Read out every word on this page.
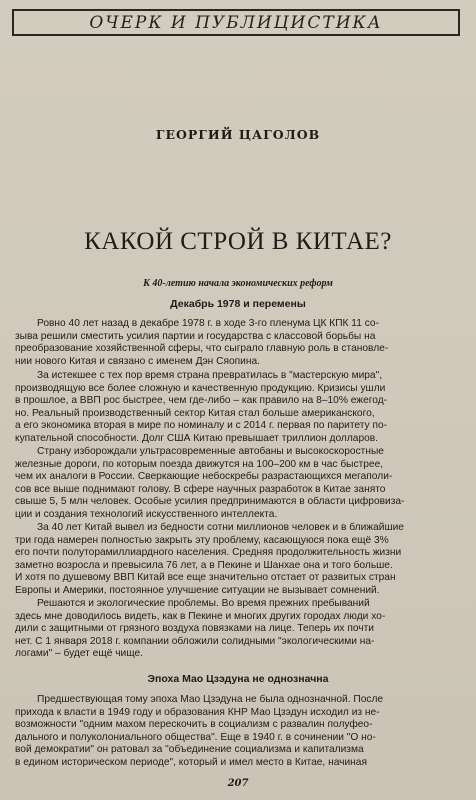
ОЧЕРК И ПУБЛИЦИСТИКА
ГЕОРГИЙ ЦАГОЛОВ
КАКОЙ СТРОЙ В КИТАЕ?
К 40-летию начала экономических реформ
Декабрь 1978 и перемены
Ровно 40 лет назад в декабре 1978 г. в ходе 3-го пленума ЦК КПК 11 со-
зыва решили сместить усилия партии и государства с классовой борьбы на
преобразование хозяйственной сферы, что сыграло главную роль в становле-
нии нового Китая и связано с именем Дэн Сяопина.
За истекшее с тех пор время страна превратилась в "мастерскую мира",
производящую все более сложную и качественную продукцию. Кризисы ушли
в прошлое, а ВВП рос быстрее, чем где-либо – как правило на 8–10% ежегод-
но. Реальный производственный сектор Китая стал больше американского,
а его экономика вторая в мире по номиналу и с 2014 г. первая по паритету по-
купательной способности. Долг США Китаю превышает триллион долларов.
Страну изборождали ультрасовременные автобаны и высокоскоростные
железные дороги, по которым поезда движутся на 100–200 км в час быстрее,
чем их аналоги в России. Сверкающие небоскребы разрастающихся мегаполи-
сов все выше поднимают голову. В сфере научных разработок в Китае занято
свыше 5, 5 млн человек. Особые усилия предпринимаются в области цифровиза-
ции и создания технологий искусственного интеллекта.
За 40 лет Китай вывел из бедности сотни миллионов человек и в ближайшие
три года намерен полностью закрыть эту проблему, касающуюся пока ещё 3%
его почти полуторамиллиардного населения. Средняя продолжительность жизни
заметно возросла и превысила 76 лет, а в Пекине и Шанхае она и того больше.
И хотя по душевому ВВП Китай все еще значительно отстает от развитых стран
Европы и Америки, постоянное улучшение ситуации не вызывает сомнений.
Решаются и экологические проблемы. Во время прежних пребываний
здесь мне доводилось видеть, как в Пекине и многих других городах люди хо-
дили с защитными от грязного воздуха повязками на лице. Теперь их почти
нет. С 1 января 2018 г. компании обложили солидными "экологическими на-
логами" – будет ещё чище.
Эпоха Мао Цзэдуна не однозначна
Предшествующая тому эпоха Мао Цзэдуна не была однозначной. После
прихода к власти в 1949 году и образования КНР Мао Цзэдун исходил из не-
возможности "одним махом перескочить в социализм с развалин полуфео-
дального и полуколониального общества". Еще в 1940 г. в сочинении "О но-
вой демократии" он ратовал за "объединение социализма и капитализма
в едином историческом периоде", который и имел место в Китае, начиная
207
